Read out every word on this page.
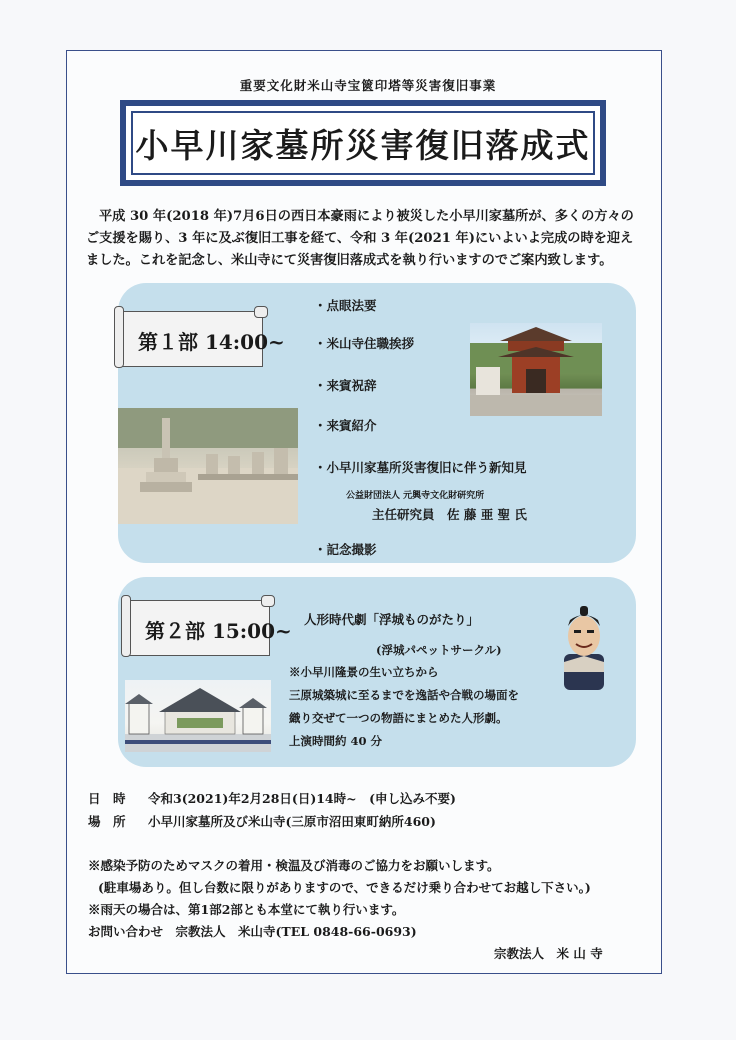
重要文化財米山寺宝篋印塔等災害復旧事業
小早川家墓所災害復旧落成式
平成 30 年(2018 年)7月6日の西日本豪雨により被災した小早川家墓所が、多くの方々のご支援を賜り、3 年に及ぶ復旧工事を経て、令和 3 年(2021 年)にいよいよ完成の時を迎えました。これを記念し、米山寺にて災害復旧落成式を執り行いますのでご案内致します。
第１部 14:00~
・点眼法要
・米山寺住職挨拶
・来賓祝辞
・来賓紹介
・小早川家墓所災害復旧に伴う新知見
公益財団法人 元興寺文化財研究所
主任研究員　佐 藤 亜 聖 氏
・記念撮影
第２部 15:00~ 人形時代劇「浮城ものがたり」
(浮城パペットサークル)
※小早川隆景の生い立ちから
三原城築城に至るまでを逸話や合戦の場面を
織り交ぜて一つの物語にまとめた人形劇。
上演時間約 40 分
日　時 令和3(2021)年2月28日(日)14時~　(申し込み不要)
場　所 小早川家墓所及び米山寺(三原市沼田東町納所460)
※感染予防のためマスクの着用・検温及び消毒のご協力をお願いします。
(駐車場あり。但し台数に限りがありますので、できるだけ乗り合わせてお越し下さい。)
※雨天の場合は、第1部2部とも本堂にて執り行います。
お問い合わせ　宗教法人　米山寺(TEL 0848-66-0693)
宗教法人　米 山 寺
